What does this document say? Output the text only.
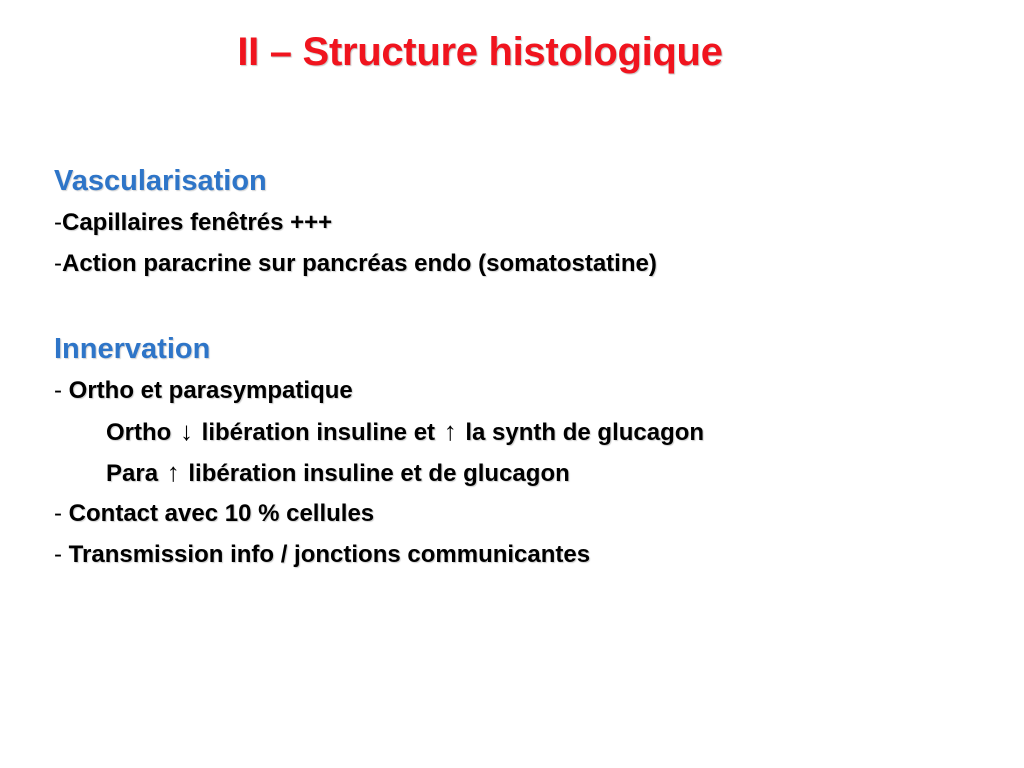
II – Structure histologique
Vascularisation
-Capillaires fenêtrés +++
-Action paracrine sur pancréas endo (somatostatine)
Innervation
- Ortho et parasympatique
Ortho ↓ libération insuline et ↑ la synth de glucagon
Para ↑ libération insuline et de glucagon
- Contact avec 10 % cellules
- Transmission info / jonctions communicantes
